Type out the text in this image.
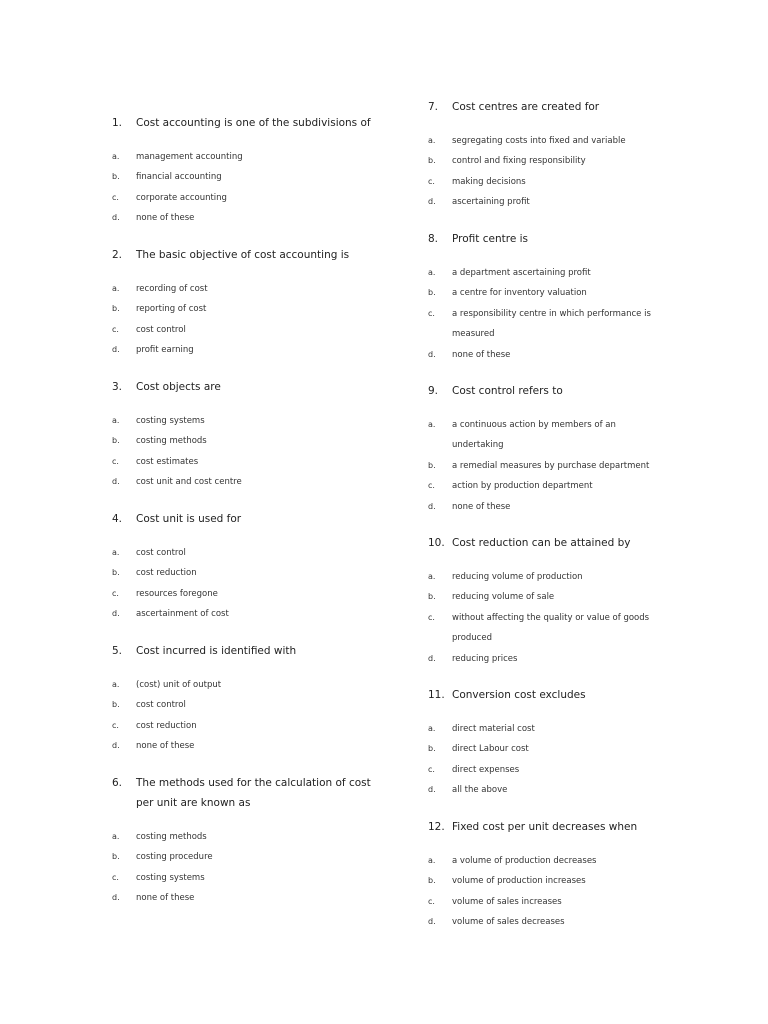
1.	Cost accounting is one of the subdivisions of
a.	management accounting
b.	financial accounting
c.	corporate accounting
d.	none of these
2.	The basic objective of cost accounting is
a.	recording of cost
b.	reporting of cost
c.	cost control
d.	profit earning
3.	Cost objects are
a.	costing systems
b.	costing methods
c.	cost estimates
d.	cost unit and cost centre
4.	Cost unit is used for
a.	cost control
b.	cost reduction
c.	resources foregone
d.	ascertainment of cost
5.	Cost incurred is identified with
a.	(cost) unit of output
b.	cost control
c.	cost reduction
d.	none of these
6.	The methods used for the calculation of cost per unit are known as
a.	costing methods
b.	costing procedure
c.	costing systems
d.	none of these
7.	Cost centres are created for
a.	segregating costs into fixed and variable
b.	control and fixing responsibility
c.	making decisions
d.	ascertaining profit
8.	Profit centre is
a.	a department ascertaining profit
b.	a centre for inventory valuation
c.	a responsibility centre in which performance is measured
d.	none of these
9.	Cost control refers to
a.	a continuous action by members of an undertaking
b.	a remedial measures by purchase department
c.	action by production department
d.	none of these
10. Cost reduction can be attained by
a.	reducing volume of production
b.	reducing volume of sale
c.	without affecting the quality or value of goods produced
d.	reducing prices
11. Conversion cost excludes
a.	direct material cost
b.	direct Labour cost
c.	direct expenses
d.	all the above
12. Fixed cost per unit decreases when
a.	a volume of production decreases
b.	volume of production increases
c.	volume of sales increases
d.	volume of sales decreases
